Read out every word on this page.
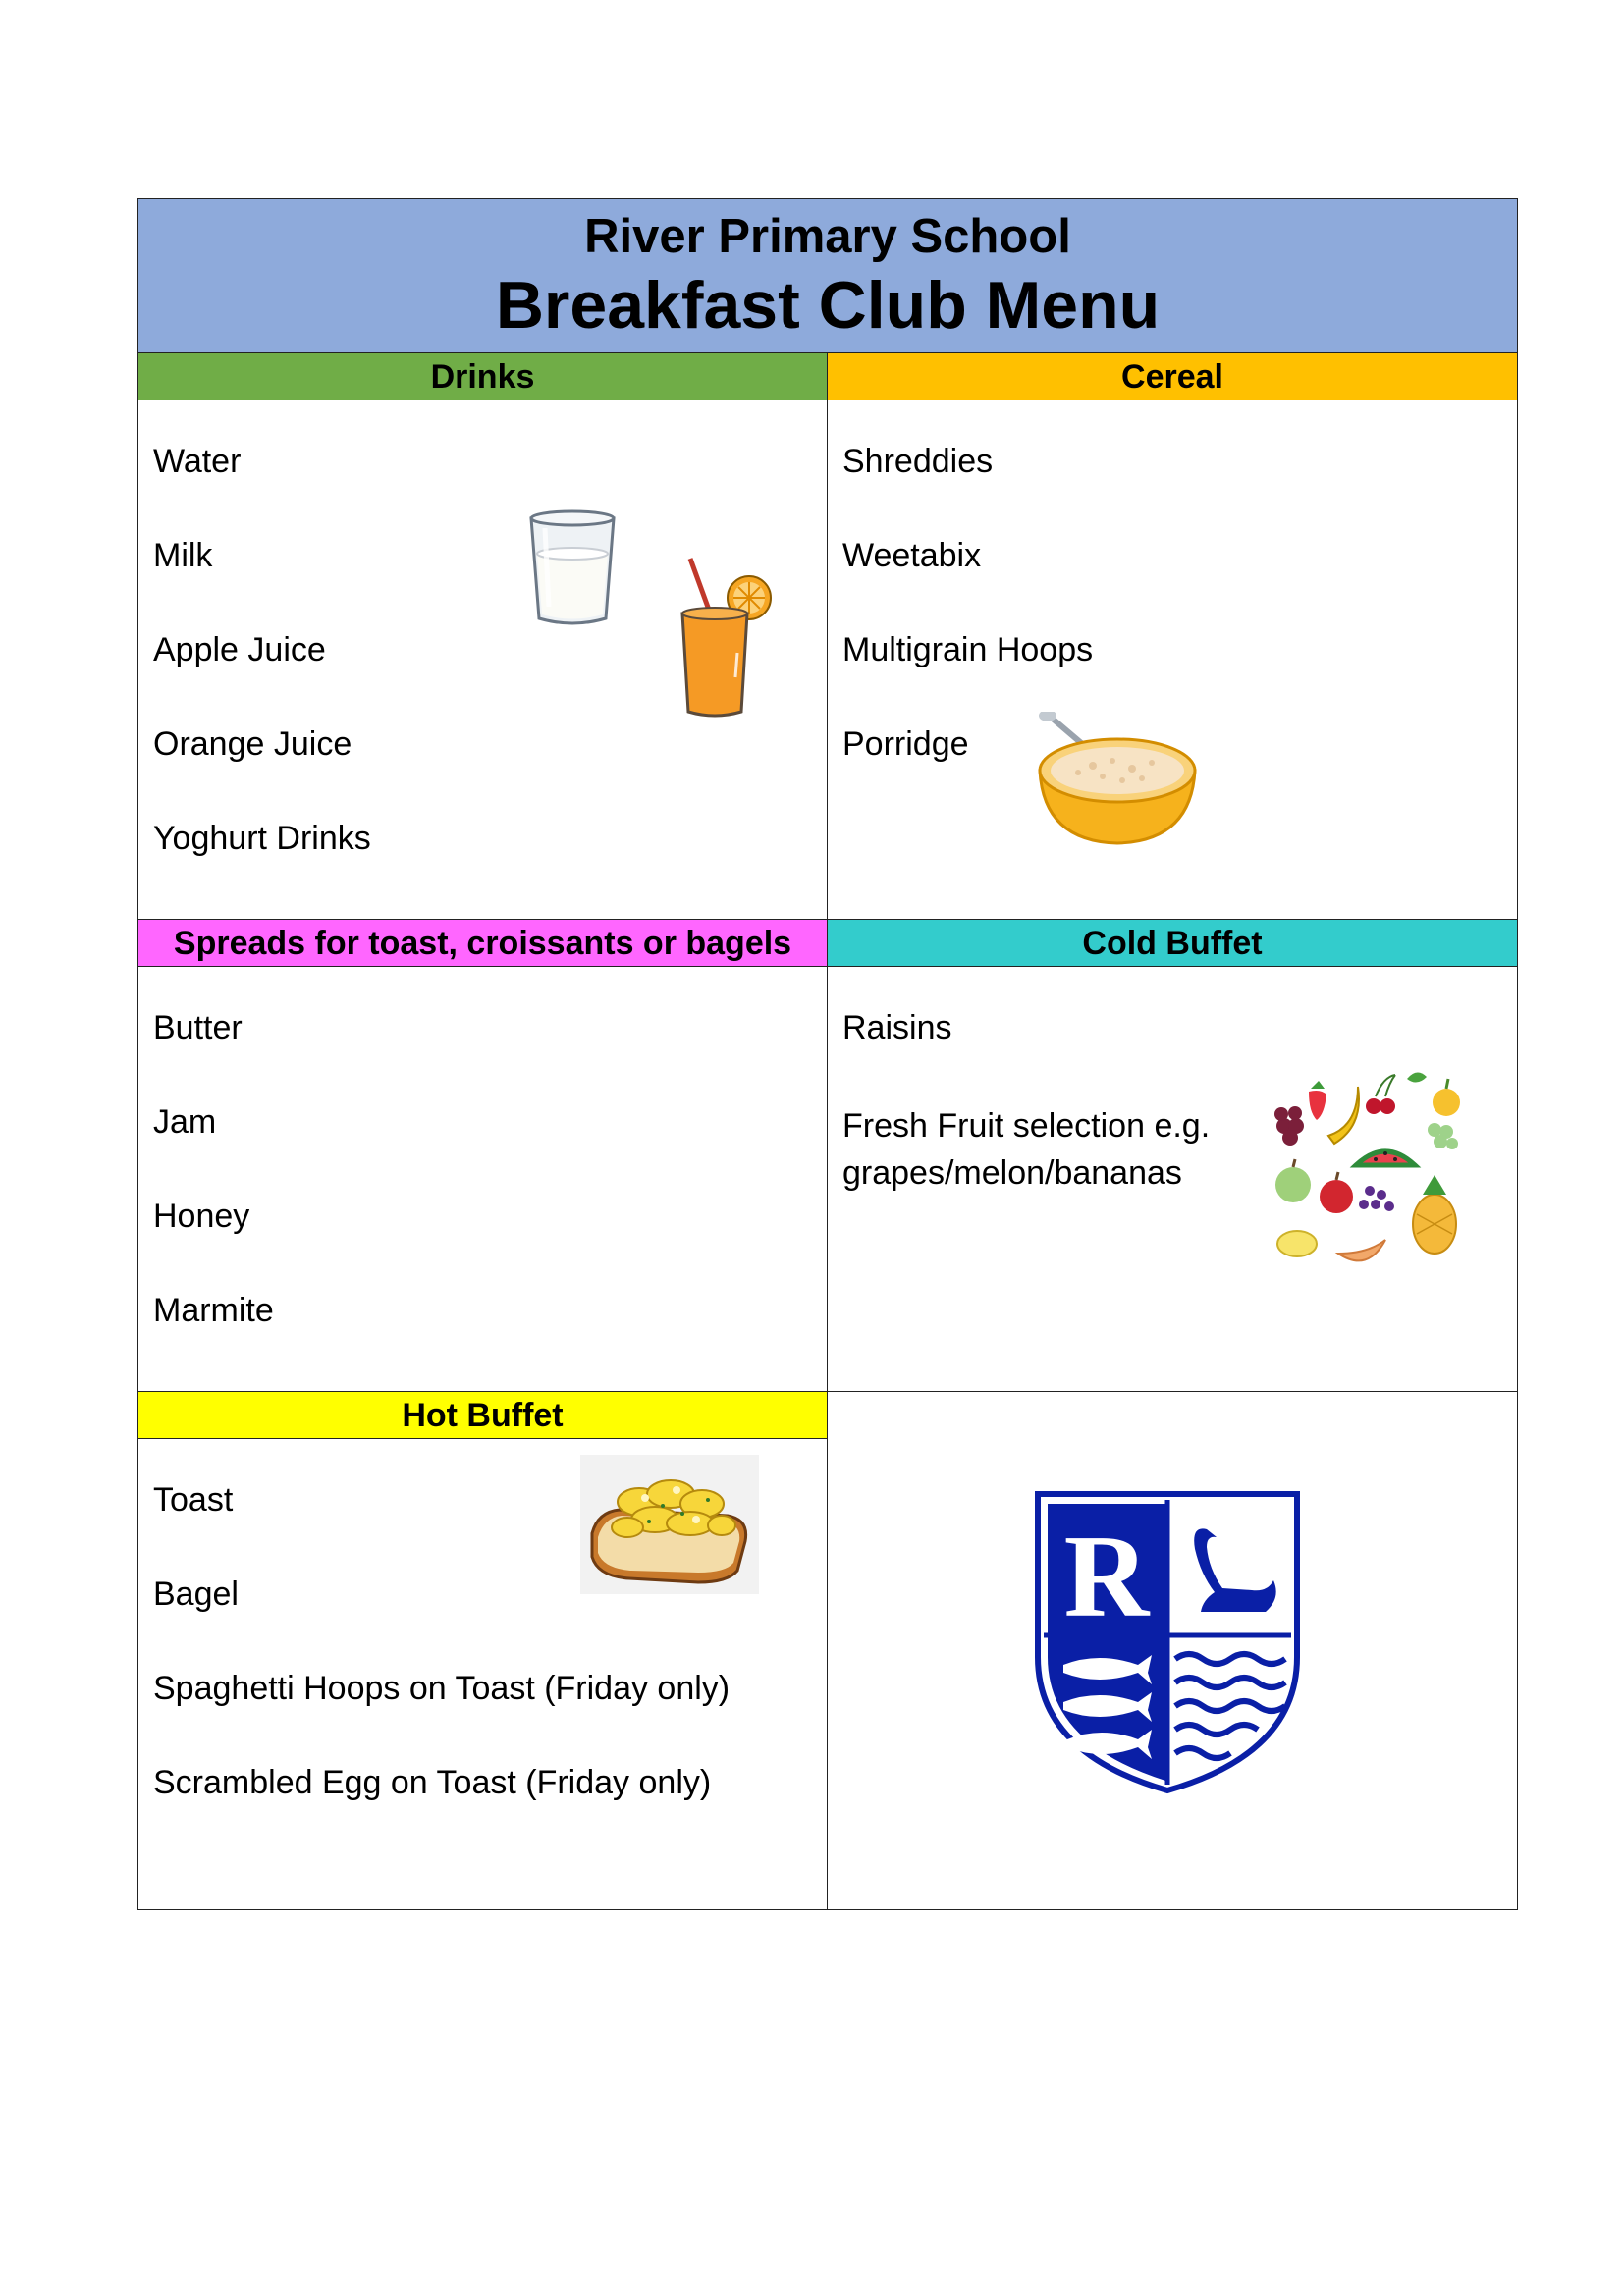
River Primary School
Breakfast Club Menu
Drinks
Water
Milk
Apple Juice
Orange Juice
Yoghurt Drinks
Cereal
Shreddies
Weetabix
Multigrain Hoops
Porridge
Spreads for toast, croissants or bagels
Butter
Jam
Honey
Marmite
Cold Buffet
Raisins
Fresh Fruit selection e.g. grapes/melon/bananas
Hot Buffet
Toast
Bagel
Spaghetti Hoops on Toast (Friday only)
Scrambled Egg on Toast (Friday only)
R
